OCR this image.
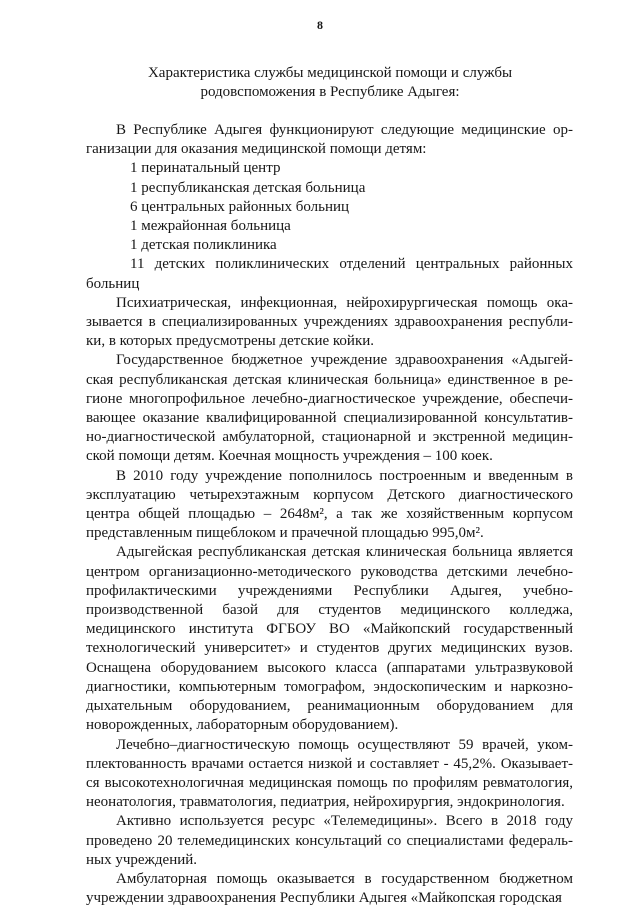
8
Характеристика службы медицинской помощи и службы
родовспоможения в Республике Адыгея:

В Республике Адыгея функционируют следующие медицинские ор-ганизации для оказания медицинской помощи детям:

1 перинатальный центр

1 республиканская детская больница

6 центральных районных больниц

1 межрайонная больница

1 детская поликлиника

11 детских поликлинических отделений центральных районных
больниц

Психиатрическая, инфекционная, нейрохирургическая помощь ока-зывается в специализированных учреждениях здравоохранения республи-ки, в которых предусмотрены детские койки.

Государственное бюджетное учреждение здравоохранения «Адыгей-ская республиканская детская клиническая больница» единственное в ре-гионе многопрофильное лечебно-диагностическое учреждение, обеспечи-вающее оказание квалифицированной специализированной консультатив-но-диагностической амбулаторной, стационарной и экстренной медицин-ской помощи детям. Коечная мощность учреждения – 100 коек.

В 2010 году учреждение пополнилось построенным и введенным в эксплуатацию четырехэтажным корпусом Детского диагностического центра общей площадью – 2648м², а так же хозяйственным корпусом представленным пищеблоком и прачечной площадью 995,0м².

Адыгейская республиканская детская клиническая больница является центром организационно-методического руководства детскими лечебно-профилактическими учреждениями Республики Адыгея, учебно-производственной базой для студентов медицинского колледжа, медицинского института ФГБОУ ВО «Майкопский государственный технологический университет» и студентов других медицинских вузов. Оснащена оборудованием высокого класса (аппаратами ультразвуковой диагностики, компьютерным томографом, эндоскопическим и наркозно-дыхательным оборудованием, реанимационным оборудованием для новорожденных, лабораторным оборудованием).

Лечебно–диагностическую помощь осуществляют 59 врачей, уком-плектованность врачами остается низкой и составляет - 45,2%. Оказывает-ся высокотехнологичная медицинская помощь по профилям ревматология, неонатология, травматология, педиатрия, нейрохирургия, эндокринология.

Активно используется ресурс «Телемедицины». Всего в 2018 году проведено 20 телемедицинских консультаций со специалистами федераль-ных учреждений.

Амбулаторная помощь оказывается в государственном бюджетном учреждении здравоохранения Республики Адыгея «Майкопская городская
